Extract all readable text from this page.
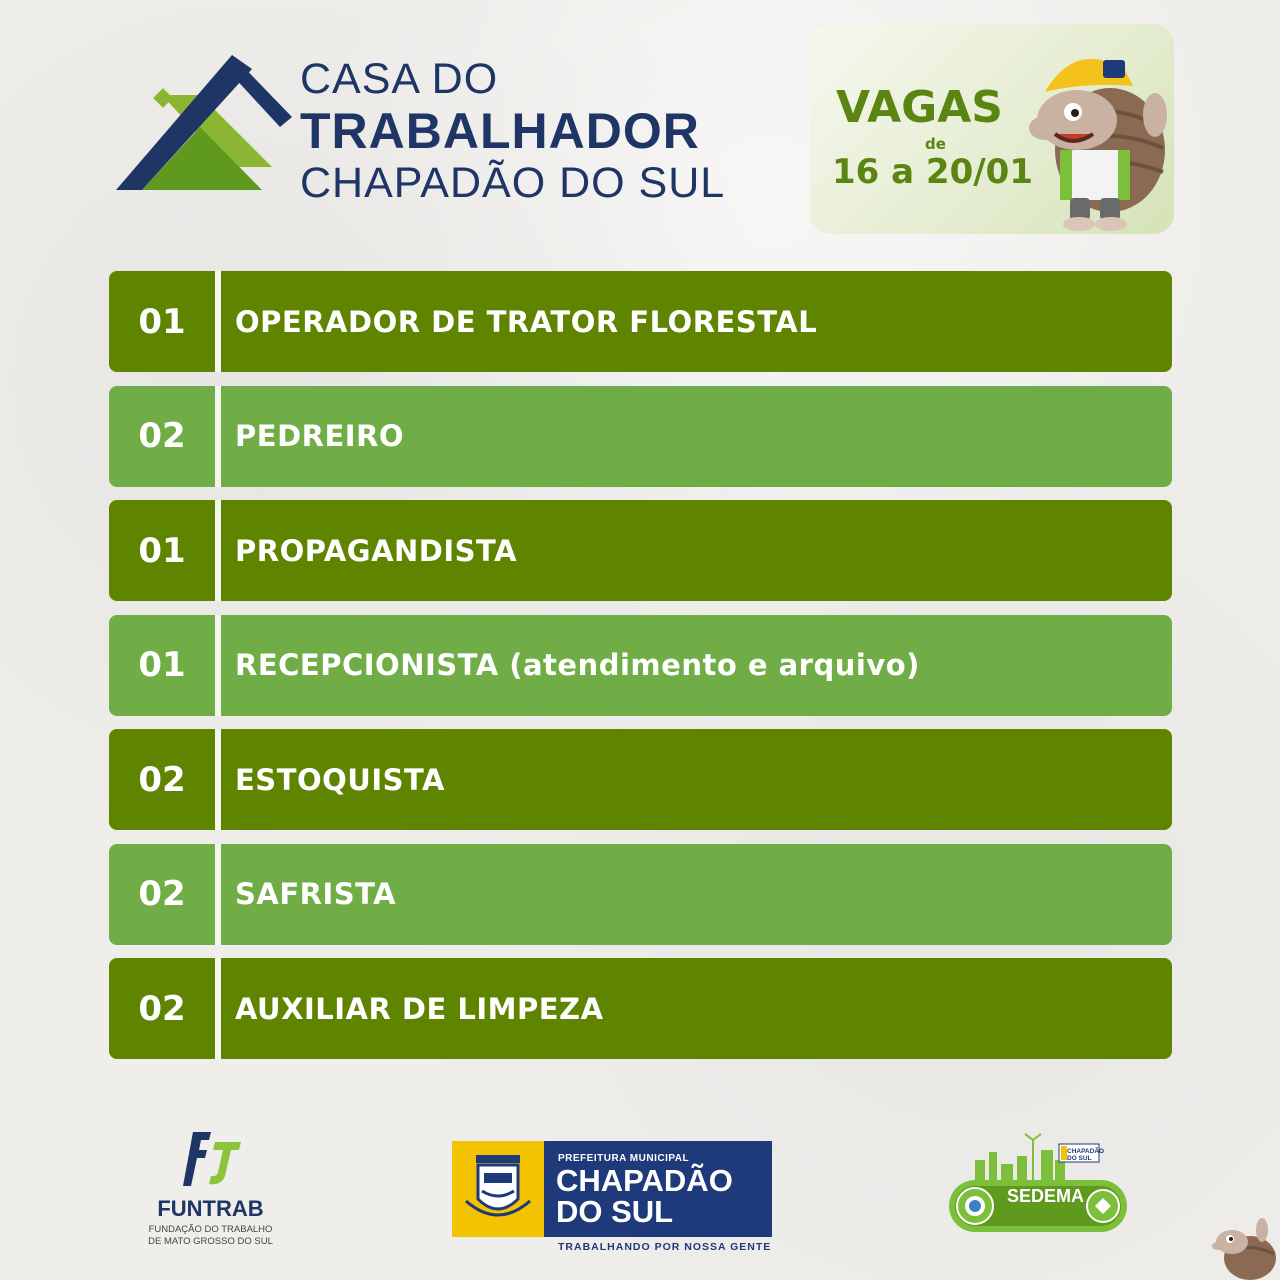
CASA DO
TRABALHADOR
CHAPADÃO DO SUL
VAGAS
de
16 a 20/01
01	OPERADOR DE TRATOR FLORESTAL
02	PEDREIRO
01	PROPAGANDISTA
01	RECEPCIONISTA (atendimento e arquivo)
02	ESTOQUISTA
02	SAFRISTA
02	AUXILIAR DE LIMPEZA
FUNTRAB
FUNDAÇÃO DO TRABALHO
DE MATO GROSSO DO SUL
PREFEITURA MUNICIPAL
CHAPADÃO
DO SUL
TRABALHANDO POR NOSSA GENTE
SEDEMA
CHAPADÃO
DO SUL
